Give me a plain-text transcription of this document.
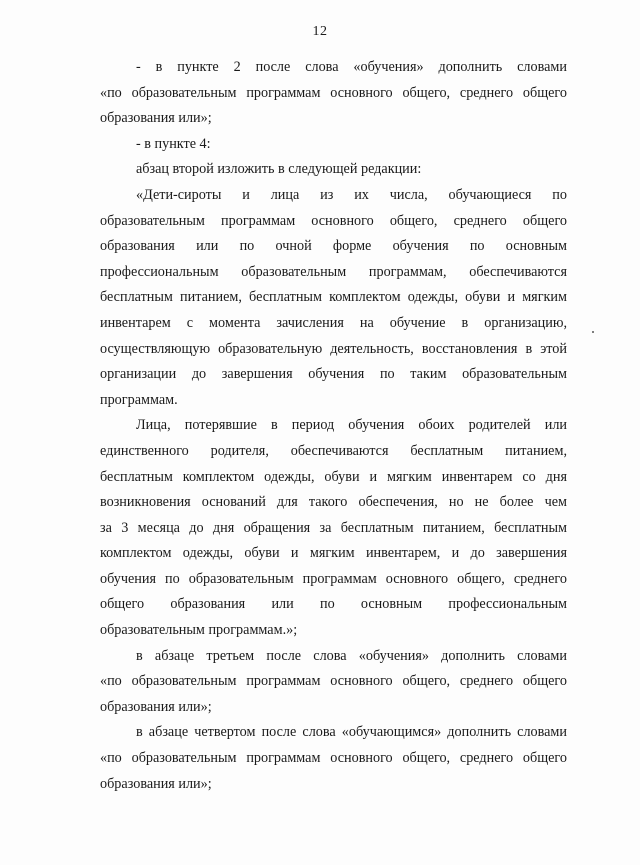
12
- в пункте 2 после слова «обучения» дополнить словами
«по образовательным программам основного общего, среднего общего
образования или»;
- в пункте 4:
абзац второй изложить в следующей редакции:
«Дети-сироты и лица из их числа, обучающиеся по
образовательным программам основного общего, среднего общего
образования или по очной форме обучения по основным
профессиональным образовательным программам, обеспечиваются
бесплатным питанием, бесплатным комплектом одежды, обуви и мягким
инвентарем с момента зачисления на обучение в организацию,
осуществляющую образовательную деятельность, восстановления в этой
организации до завершения обучения по таким образовательным
программам.
Лица, потерявшие в период обучения обоих родителей или
единственного родителя, обеспечиваются бесплатным питанием,
бесплатным комплектом одежды, обуви и мягким инвентарем со дня
возникновения оснований для такого обеспечения, но не более чем
за 3 месяца до дня обращения за бесплатным питанием, бесплатным
комплектом одежды, обуви и мягким инвентарем, и до завершения
обучения по образовательным программам основного общего, среднего
общего образования или по основным профессиональным
образовательным программам.»;
в абзаце третьем после слова «обучения» дополнить словами
«по образовательным программам основного общего, среднего общего
образования или»;
в абзаце четвертом после слова «обучающимся» дополнить словами
«по образовательным программам основного общего, среднего общего
образования или»;
